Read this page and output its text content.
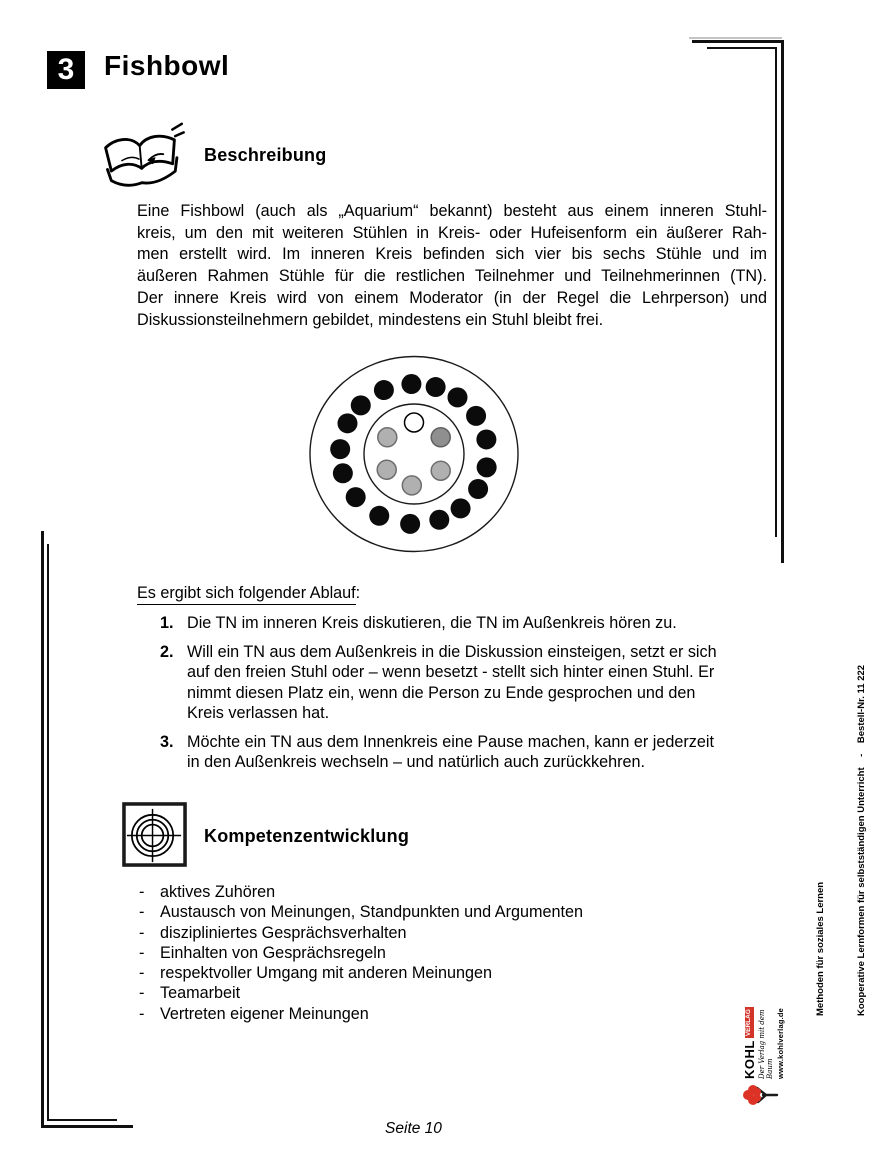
3	Fishbowl
Beschreibung
Eine Fishbowl (auch als „Aquarium“ bekannt) besteht aus einem inneren Stuhl-
kreis, um den mit weiteren Stühlen in Kreis- oder Hufeisenform ein äußerer Rah-
men erstellt wird. Im inneren Kreis befinden sich vier bis sechs Stühle und im
äußeren Rahmen Stühle für die restlichen Teilnehmer und Teilnehmerinnen (TN).
Der innere Kreis wird von einem Moderator (in der Regel die Lehrperson) und
Diskussionsteilnehmern gebildet, mindestens ein Stuhl bleibt frei.
Es ergibt sich folgender Ablauf:
1. Die TN im inneren Kreis diskutieren, die TN im Außenkreis hören zu.
2. Will ein TN aus dem Außenkreis in die Diskussion einsteigen, setzt er sich
auf den freien Stuhl oder – wenn besetzt - stellt sich hinter einen Stuhl. Er
nimmt diesen Platz ein, wenn die Person zu Ende gesprochen und den
Kreis verlassen hat.
3. Möchte ein TN aus dem Innenkreis eine Pause machen, kann er jederzeit
in den Außenkreis wechseln – und natürlich auch zurückkehren.
Kompetenzentwicklung
- aktives Zuhören
- Austausch von Meinungen, Standpunkten und Argumenten
- diszipliniertes Gesprächsverhalten
- Einhalten von Gesprächsregeln
- respektvoller Umgang mit anderen Meinungen
- Teamarbeit
- Vertreten eigener Meinungen

	Methoden für soziales Lernen

	Kooperative Lernformen für selbstständigen Unterricht    -    Bestell-Nr. 11 222

KOHL
VERLAG Der Verlag mit dem Baum www.kohlverlag.de
Seite 10
